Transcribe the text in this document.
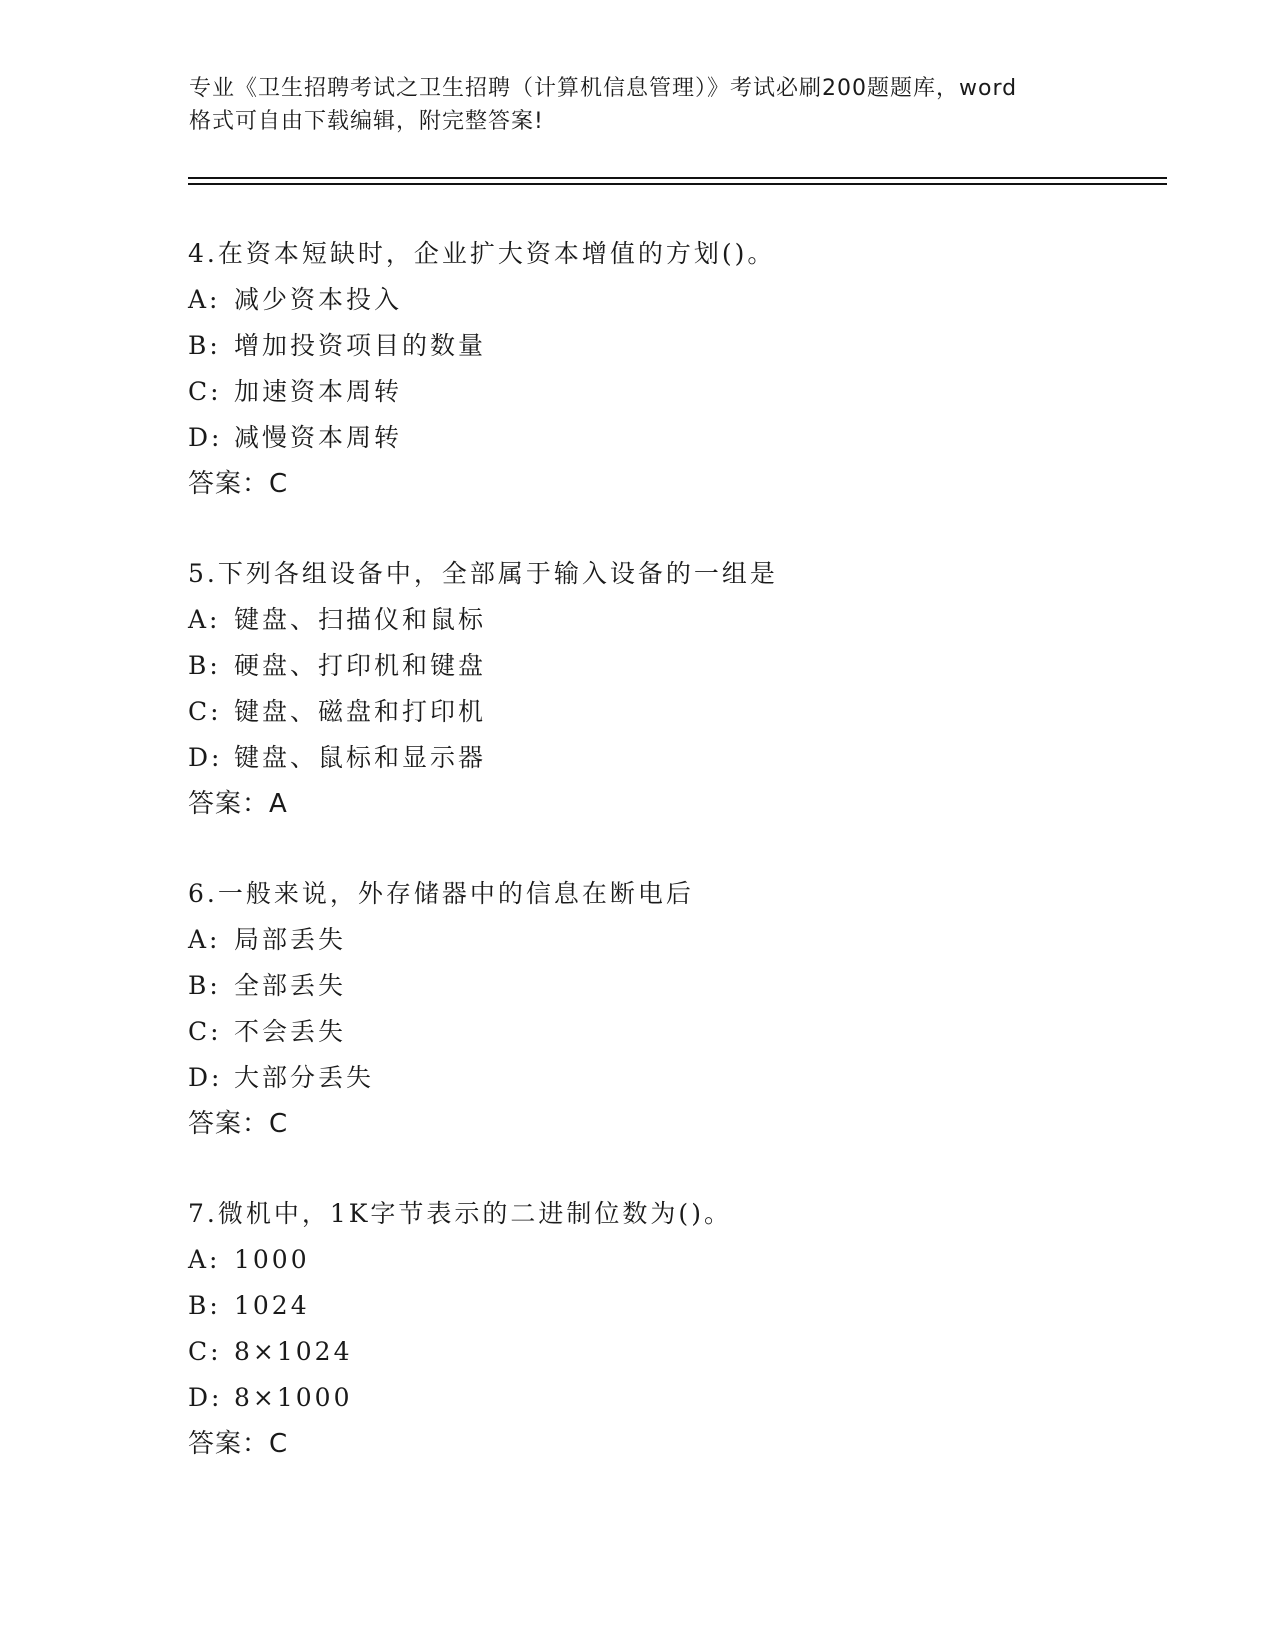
专业《卫生招聘考试之卫生招聘（计算机信息管理）》考试必刷200题题库，word
格式可自由下载编辑，附完整答案!
4.在资本短缺时，企业扩大资本增值的方划()。
A: 减少资本投入
B: 增加投资项目的数量
C: 加速资本周转
D: 减慢资本周转
答案：C
5.下列各组设备中，全部属于输入设备的一组是
A: 键盘、扫描仪和鼠标
B: 硬盘、打印机和键盘
C: 键盘、磁盘和打印机
D: 键盘、鼠标和显示器
答案：A
6.一般来说，外存储器中的信息在断电后
A: 局部丢失
B: 全部丢失
C: 不会丢失
D: 大部分丢失
答案：C
7.微机中，1K字节表示的二进制位数为()。
A: 1000
B: 1024
C: 8×1024
D: 8×1000
答案：C
